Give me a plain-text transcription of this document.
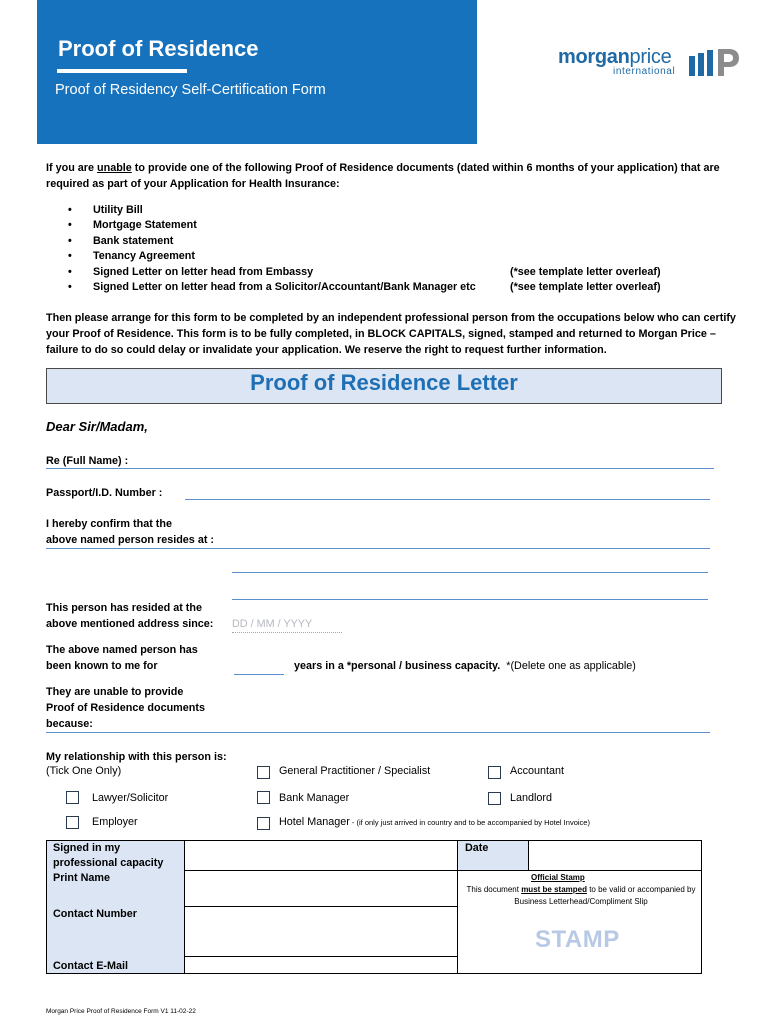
Proof of Residence
Proof of Residency Self-Certification Form
morganprice
international
If you are unable to provide one of the following Proof of Residence documents (dated within 6 months of your application) that are required as part of your Application for Health Insurance:
• Utility Bill
• Mortgage Statement
• Bank statement
• Tenancy Agreement
• Signed Letter on letter head from Embassy	(*see template letter overleaf)
• Signed Letter on letter head from a Solicitor/Accountant/Bank Manager etc	(*see template letter overleaf)
Then please arrange for this form to be completed by an independent professional person from the occupations below who can certify your Proof of Residence. This form is to be fully completed, in BLOCK CAPITALS, signed, stamped and returned to Morgan Price –failure to do so could delay or invalidate your application. We reserve the right to request further information.
Proof of Residence Letter
Dear Sir/Madam,
Re (Full Name) :
Passport/I.D. Number :
I hereby confirm that the
above named person resides at :
This person has resided at the
above mentioned address since: DD / MM / YYYY
The above named person has
been known to me for	years in a *personal / business capacity. *(Delete one as applicable)
They are unable to provide
Proof of Residence documents
because:
My relationship with this person is:
(Tick One Only)	General Practitioner / Specialist	Accountant
Lawyer/Solicitor	Bank Manager	Landlord
Employer	Hotel Manager - (if only just arrived in country and to be accompanied by Hotel Invoice)

Signed in my professional capacity
Print Name
Contact Number
Contact E-Mail
Date
Official Stamp
This document must be stamped to be valid or accompanied by Business Letterhead/Compliment Slip
STAMP
Morgan Price Proof of Residence Form V1 11-02-22
